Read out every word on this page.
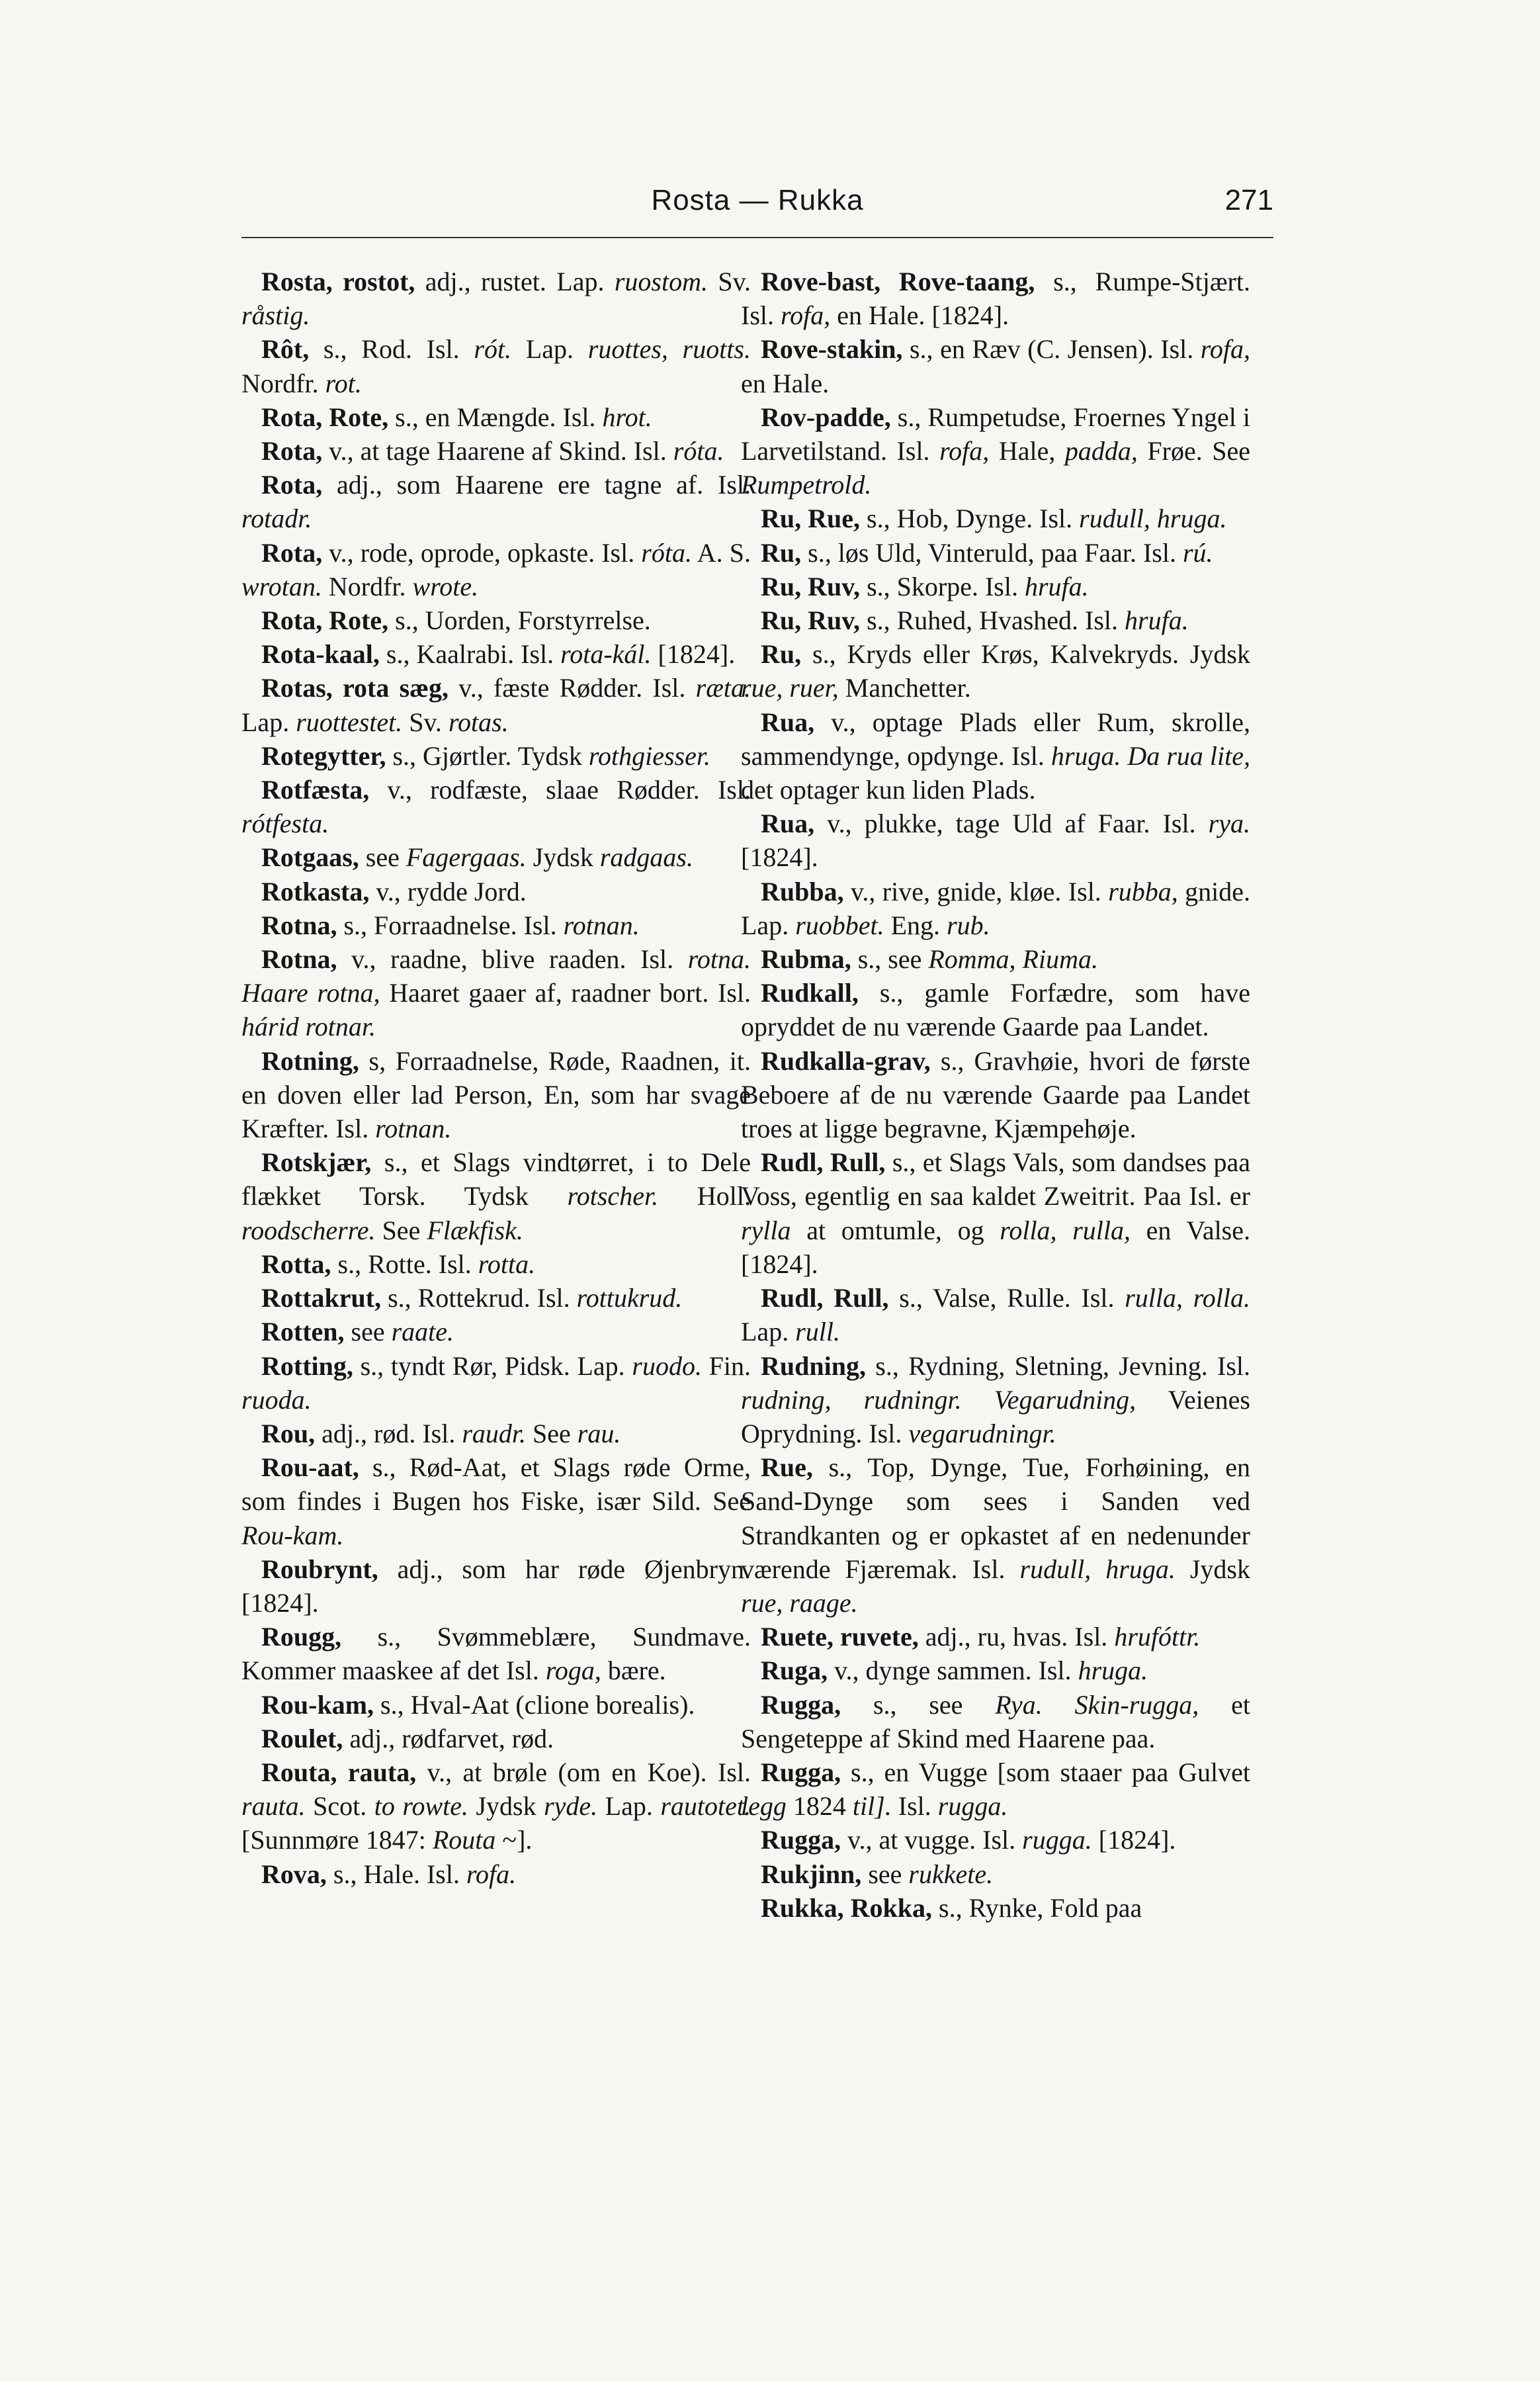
Rosta — Rukka	271

Rosta, rostot, adj., rustet. Lap. ruostom. Sv. råstig.

Rôt, s., Rod. Isl. rót. Lap. ruottes, ruotts. Nordfr. rot.

Rota, Rote, s., en Mængde. Isl. hrot.

Rota, v., at tage Haarene af Skind. Isl. róta.

Rota, adj., som Haarene ere tagne af. Isl. rotadr.

Rota, v., rode, oprode, opkaste. Isl. róta. A. S. wrotan. Nordfr. wrote.

Rota, Rote, s., Uorden, Forstyrrelse.

Rota-kaal, s., Kaalrabi. Isl. rota-kál. [1824].

Rotas, rota sæg, v., fæste Rødder. Isl. ræta. Lap. ruottestet. Sv. rotas.

Rotegytter, s., Gjørtler. Tydsk rothgiesser.

Rotfæsta, v., rodfæste, slaae Rødder. Isl. rótfesta.

Rotgaas, see Fagergaas. Jydsk radgaas.

Rotkasta, v., rydde Jord.

Rotna, s., Forraadnelse. Isl. rotnan.

Rotna, v., raadne, blive raaden. Isl. rotna. Haare rotna, Haaret gaaer af, raadner bort. Isl. hárid rotnar.

Rotning, s, Forraadnelse, Røde, Raadnen, it. en doven eller lad Person, En, som har svage Kræfter. Isl. rotnan.

Rotskjær, s., et Slags vindtørret, i to Dele flækket Torsk. Tydsk rotscher. Holl. roodscherre. See Flækfisk.

Rotta, s., Rotte. Isl. rotta.

Rottakrut, s., Rottekrud. Isl. rottukrud.

Rotten, see raate.

Rotting, s., tyndt Rør, Pidsk. Lap. ruodo. Fin. ruoda.

Rou, adj., rød. Isl. raudr. See rau.

Rou-aat, s., Rød-Aat, et Slags røde Orme, som findes i Bugen hos Fiske, især Sild. See Rou-kam.

Roubrynt, adj., som har røde Øjenbryn. [1824].

Rougg, s., Svømmeblære, Sundmave. Kommer maaskee af det Isl. roga, bære.

Rou-kam, s., Hval-Aat (clione borealis).

Roulet, adj., rødfarvet, rød.

Routa, rauta, v., at brøle (om en Koe). Isl. rauta. Scot. to rowte. Jydsk ryde. Lap. rautotet. [Sunnmøre 1847: Routa ~].

Rova, s., Hale. Isl. rofa.

Rove-bast, Rove-taang, s., Rumpe-Stjært. Isl. rofa, en Hale. [1824].

Rove-stakin, s., en Ræv (C. Jensen). Isl. rofa, en Hale.

Rov-padde, s., Rumpetudse, Froernes Yngel i Larvetilstand. Isl. rofa, Hale, padda, Frøe. See Rumpetrold.

Ru, Rue, s., Hob, Dynge. Isl. rudull, hruga.

Ru, s., løs Uld, Vinteruld, paa Faar. Isl. rú.

Ru, Ruv, s., Skorpe. Isl. hrufa.

Ru, Ruv, s., Ruhed, Hvashed. Isl. hrufa.

Ru, s., Kryds eller Krøs, Kalvekryds. Jydsk rue, ruer, Manchetter.

Rua, v., optage Plads eller Rum, skrolle, sammendynge, opdynge. Isl. hruga. Da rua lite, det optager kun liden Plads.

Rua, v., plukke, tage Uld af Faar. Isl. rya. [1824].

Rubba, v., rive, gnide, kløe. Isl. rubba, gnide. Lap. ruobbet. Eng. rub.

Rubma, s., see Romma, Riuma.

Rudkall, s., gamle Forfædre, som have opryddet de nu værende Gaarde paa Landet.

Rudkalla-grav, s., Gravhøie, hvori de første Beboere af de nu værende Gaarde paa Landet troes at ligge begravne, Kjæmpehøje.

Rudl, Rull, s., et Slags Vals, som dandses paa Voss, egentlig en saa kaldet Zweitrit. Paa Isl. er rylla at omtumle, og rolla, rulla, en Valse. [1824].

Rudl, Rull, s., Valse, Rulle. Isl. rulla, rolla. Lap. rull.

Rudning, s., Rydning, Sletning, Jevning. Isl. rudning, rudningr. Vegarudning, Veienes Oprydning. Isl. vegarudningr.

Rue, s., Top, Dynge, Tue, Forhøining, en Sand-Dynge som sees i Sanden ved Strandkanten og er opkastet af en nedenunder værende Fjæremak. Isl. rudull, hruga. Jydsk rue, raage.

Ruete, ruvete, adj., ru, hvas. Isl. hrufóttr.

Ruga, v., dynge sammen. Isl. hruga.

Rugga, s., see Rya. Skin-rugga, et Sengeteppe af Skind med Haarene paa.

Rugga, s., en Vugge [som staaer paa Gulvet legg 1824 til]. Isl. rugga.

Rugga, v., at vugge. Isl. rugga. [1824].

Rukjinn, see rukkete.

Rukka, Rokka, s., Rynke, Fold paa
